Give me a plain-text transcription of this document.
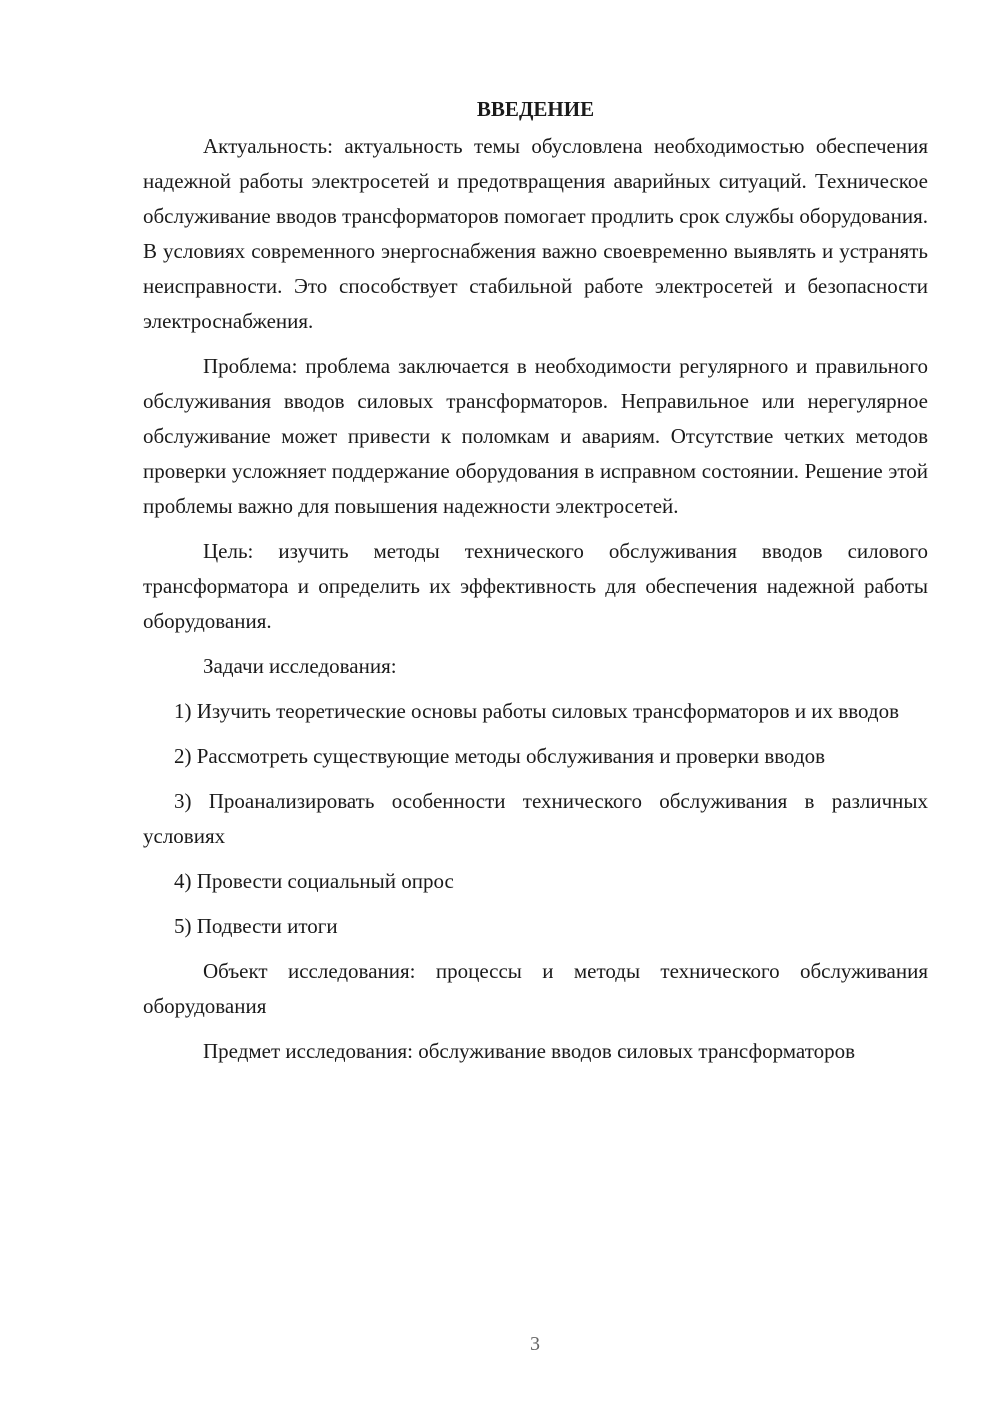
ВВЕДЕНИЕ

Актуальность: актуальность темы обусловлена необходимостью обеспечения надежной работы электросетей и предотвращения аварийных ситуаций. Техническое обслуживание вводов трансформаторов помогает продлить срок службы оборудования. В условиях современного энергоснабжения важно своевременно выявлять и устранять неисправности. Это способствует стабильной работе электросетей и безопасности электроснабжения.

Проблема: проблема заключается в необходимости регулярного и правильного обслуживания вводов силовых трансформаторов. Неправильное или нерегулярное обслуживание может привести к поломкам и авариям. Отсутствие четких методов проверки усложняет поддержание оборудования в исправном состоянии. Решение этой проблемы важно для повышения надежности электросетей.

Цель: изучить методы технического обслуживания вводов силового трансформатора и определить их эффективность для обеспечения надежной работы оборудования.

Задачи исследования:

1) Изучить теоретические основы работы силовых трансформаторов и их вводов

2) Рассмотреть существующие методы обслуживания и проверки вводов

3) Проанализировать особенности технического обслуживания в различных условиях

4) Провести социальный опрос

5) Подвести итоги

Объект исследования: процессы и методы технического обслуживания оборудования

Предмет исследования: обслуживание вводов силовых трансформаторов

3
